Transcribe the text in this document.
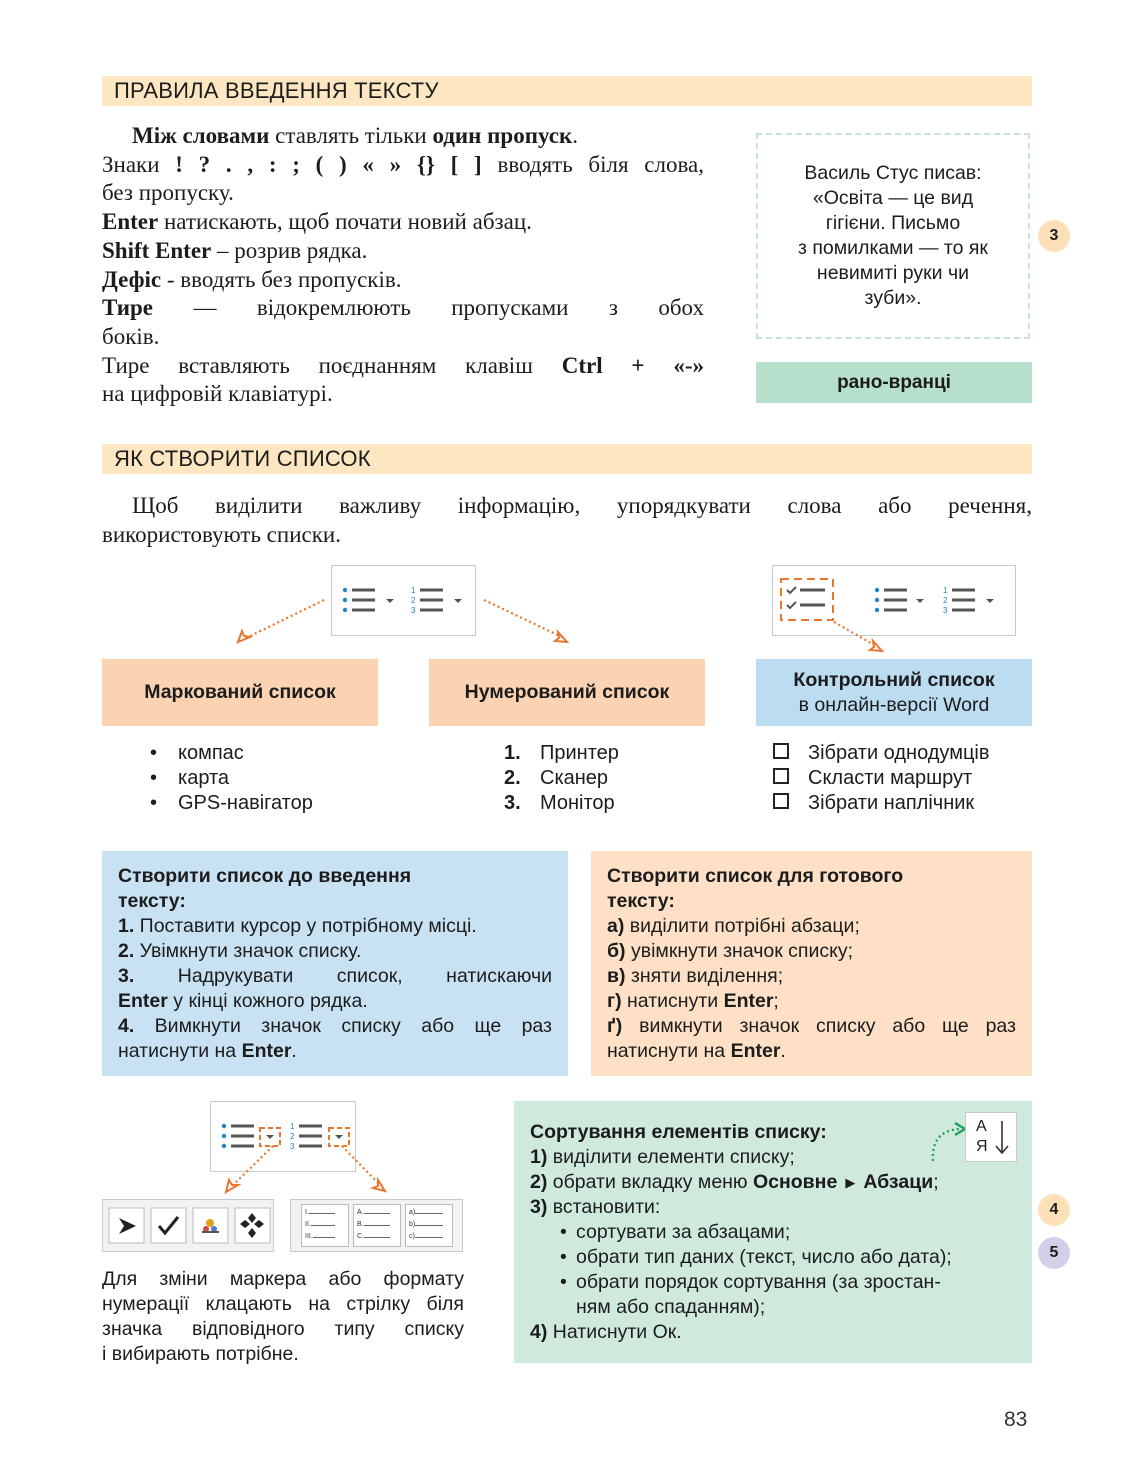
ПРАВИЛА ВВЕДЕННЯ ТЕКСТУ

Між словами ставлять тільки один пропуск.

Знаки ! ? . , : ; ( ) « » {} [ ] вводять біля слова,

без пропуску.

Enter натискають, щоб почати новий абзац.

Shift Enter – розрив рядка.

Дефіс - вводять без пропусків.

Тире — відокремлюють пропусками з обох

боків.

Тире вставляють поєднанням клавіш Ctrl + «-»

на цифровій клавіатурі.

Василь Стус писав:
«Освіта — це вид
гігієни. Письмо
з помилками — то як
невимиті руки чи
зуби».
3
рано-вранці
ЯК СТВОРИТИ СПИСОК

Щоб виділити важливу інформацію, упорядкувати слова або речення,

використовують списки.

1
2
3
1
2
3
Маркований список	Нумерований список
Контрольний список
в онлайн-версії Word
•	компас
•	карта
•	GPS-навігатор
1. Принтер
2. Сканер
3. Монітор
Зібрати однодумців
Скласти маршрут
Зібрати наплічник

Створити список до введення

тексту:

1. Поставити курсор у потрібному місці.

2. Увімкнути значок списку.

3. Надрукувати список, натискаючи

Enter у кінці кожного рядка.

4. Вимкнути значок списку або ще раз

натиснути на Enter.

Створити список для готового

тексту:

а) виділити потрібні абзаци;

б) увімкнути значок списку;

в) зняти виділення;

г) натиснути Enter;

ґ) вимкнути значок списку або ще раз

натиснути на Enter.

1
2
3
I.
II.
III.
A.
B.
C.
a)
b)
c)

Для зміни маркера або формату

нумерації клацають на стрілку біля

значка відповідного типу списку

і вибирають потрібне.

Сортування елементів списку:

1) виділити елементи списку;

2) обрати вкладку меню Основне ▶ Абзаци;

3) встановити:

• сортувати за абзацами;

• обрати тип даних (текст, число або дата);

• обрати порядок сортування (за зростан-

ням або спаданням);

4) Натиснути Ок.

А
Я
4
5
83
